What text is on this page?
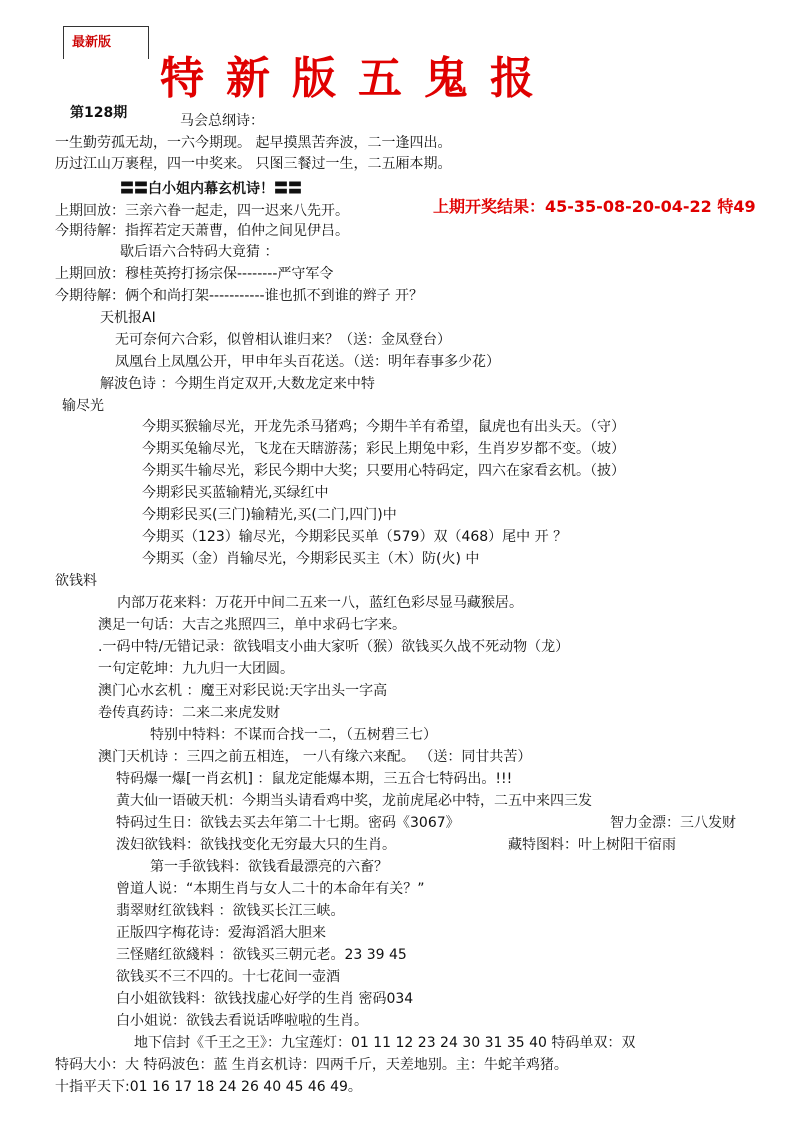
最新版
特新版五鬼报
第128期
上期开奖结果：45-35-08-20-04-22 特49
马会总纲诗：
一生勤劳孤无劫，一六今期现。 起早摸黑苦奔波，二一逢四出。
历过江山万裹程，四一中奖来。 只图三餐过一生，二五厢本期。
〓〓白小姐内幕玄机诗！〓〓
上期回放：三亲六眷一起走，四一迟来八先开。
今期待解：指挥若定天萧曹，伯仲之间见伊吕。
歇后语六合特码大竟猜 ：
上期回放：穆桂英挎打扬宗保--------严守军令
今期待解：俩个和尚打架-----------谁也抓不到谁的辫子 开？
天机报AI
无可奈何六合彩，似曾相认谁归来？（送：金凤登台）
凤凰台上凤凰公开，甲申年头百花送。（送：明年春事多少花）
解波色诗 ：今期生肖定双开,大数龙定来中特
输尽光
今期买猴输尽光，开龙先杀马猪鸡；今期牛羊有希望，鼠虎也有出头天。（守）
今期买兔输尽光，飞龙在天瞎游荡；彩民上期兔中彩，生肖岁岁都不变。（坡）
今期买牛输尽光，彩民今期中大奖；只要用心特码定，四六在家看玄机。（披）
今期彩民买蓝输精光,买绿红中
今期彩民买(三门)输精光,买(二门,四门)中
今期买（123）输尽光，今期彩民买单（579）双（468）尾中 开 ？
今期买（金）肖输尽光，今期彩民买主（木）防(火) 中
欲钱料
内部万花来料：万花开中间二五来一八，蓝红色彩尽显马藏猴居。
澳足一句话：大吉之兆照四三，单中求码七字来。
.一码中特/无错记录：欲钱唱支小曲大家听（猴）欲钱买久战不死动物（龙）
一句定乾坤：九九归一大团圆。
澳门心水玄机 ：魔王对彩民说:天字出头一字高
卷传真药诗：二来二来虎发财
特别中特料：不谋而合找一二，（五树碧三七）
澳门天机诗 ：三四之前五相连， 一八有缘六来配。 （送：同甘共苦）
特码爆一爆[一肖玄机] ：鼠龙定能爆本期，三五合七特码出。!!!
黄大仙一语破天机：今期当头请看鸡中奖，龙前虎尾必中特，二五中来四三发
特码过生日：欲钱去买去年第二十七期。密码《3067》	智力金漂：三八发财
泼妇欲钱料：欲钱找变化无穷最大只的生肖。	藏特图料：叶上树阳干宿雨
第一手欲钱料：欲钱看最漂亮的六畜？
曾道人说：“本期生肖与女人二十的本命年有关？”
翡翠财红欲钱料 ：欲钱买长江三峡。
正版四字梅花诗：爱海滔滔大胆来
三怪赌红欲綫料 ：欲钱买三朝元老。23 39 45
欲钱买不三不四的。十七花间一壶酒
白小姐欲钱料：欲钱找虚心好学的生肖 密码034
白小姐说：欲钱去看说话哗啦啦的生肖。
地下信封《千王之王》：九宝莲灯：01 11 12 23 24 30 31 35 40 特码单双：双
特码大小：大 特码波色：蓝 生肖玄机诗：四两千斤，天差地别。主：牛蛇羊鸡猪。
十指平天下:01 16 17 18 24 26 40 45 46 49。
